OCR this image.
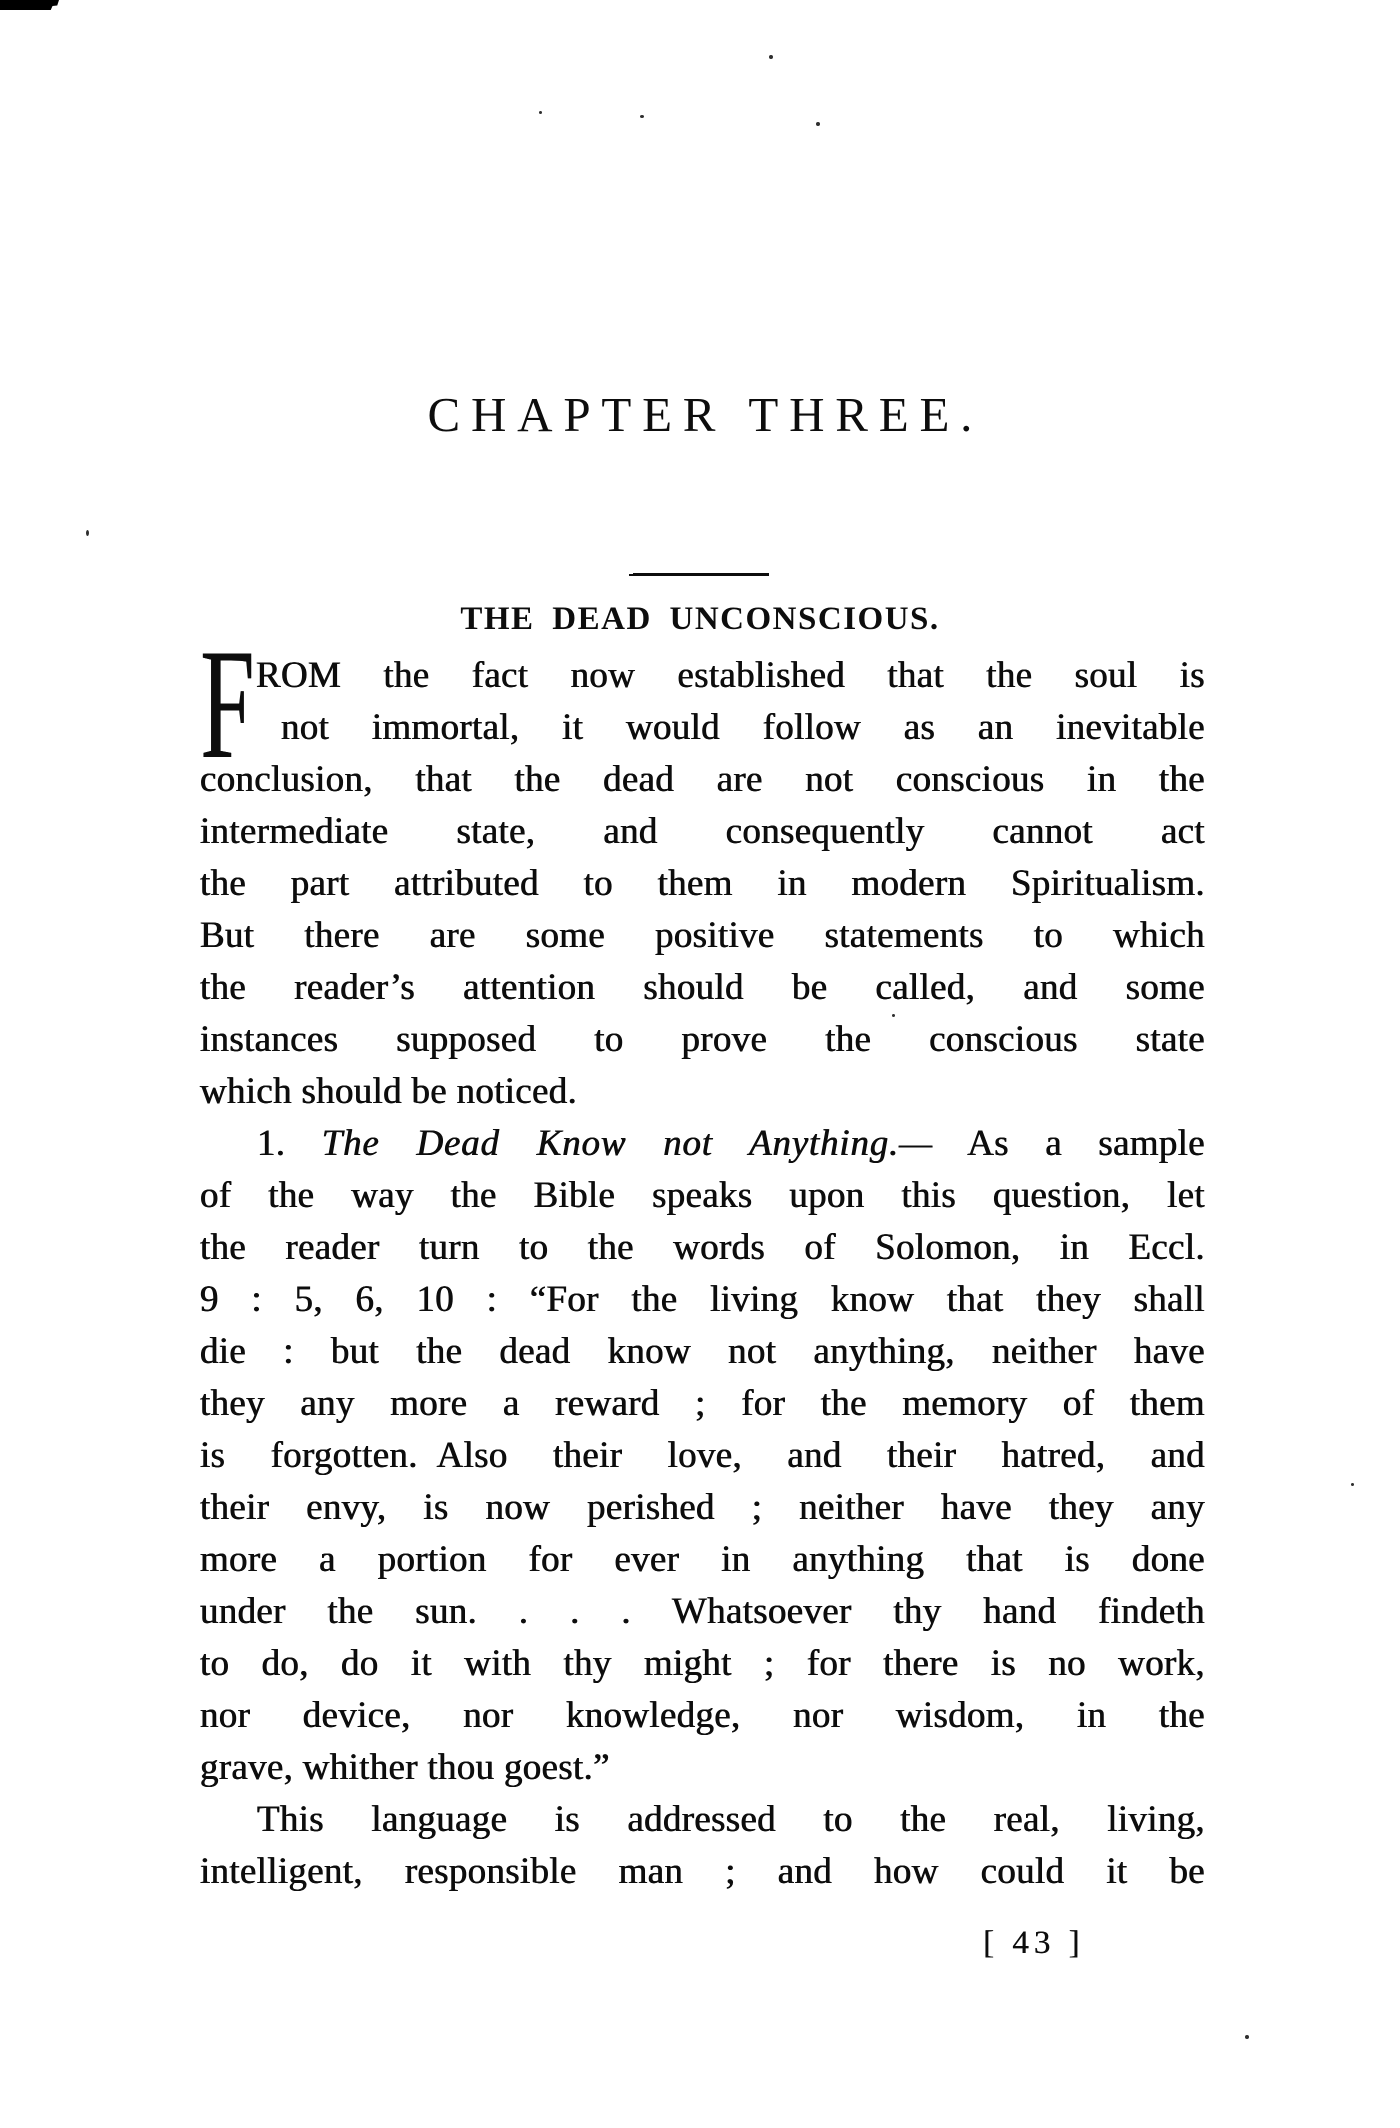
CHAPTER THREE.
THE DEAD UNCONSCIOUS.
F ROM the fact now established that the soul is
not immortal, it would follow as an inevitable
conclusion, that the dead are not conscious in the
intermediate state, and consequently cannot act
the part attributed to them in modern Spiritualism.
But there are some positive statements to which
the reader’s attention should be called, and some
instances supposed to prove the conscious state
which should be noticed.
1. The Dead Know not Anything.— As a sample
of the way the Bible speaks upon this question, let
the reader turn to the words of Solomon, in Eccl.
9 : 5, 6, 10 : “For the living know that they shall
die : but the dead know not anything, neither have
they any more a reward ; for the memory of them
is forgotten. Also their love, and their hatred, and
their envy, is now perished ; neither have they any
more a portion for ever in anything that is done
under the sun. . . . Whatsoever thy hand findeth
to do, do it with thy might ; for there is no work,
nor device, nor knowledge, nor wisdom, in the
grave, whither thou goest.”
This language is addressed to the real, living,
intelligent, responsible man ; and how could it be
[ 43 ]
